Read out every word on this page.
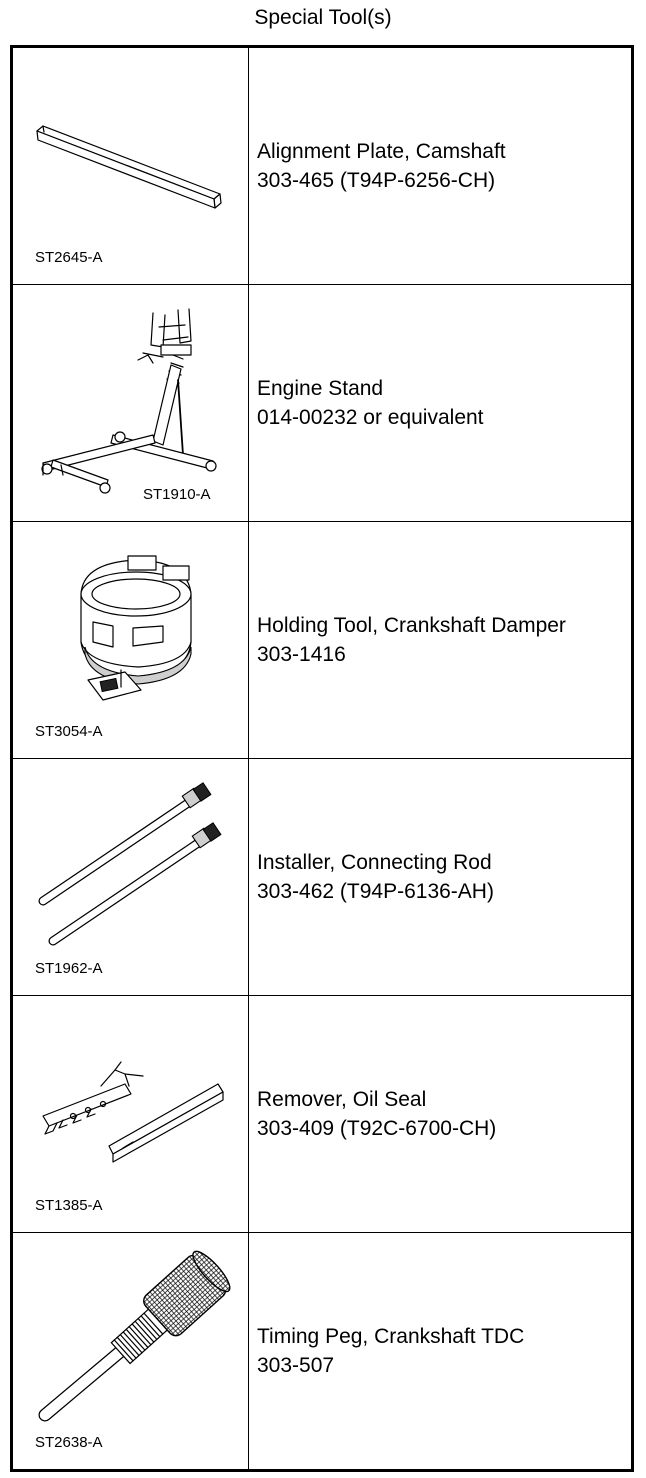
Special Tool(s)
ST2645-A	Alignment Plate, Camshaft
303-465 (T94P-6256-CH)

ST1910-A	Engine Stand
014-00232 or equivalent

ST3054-A	Holding Tool, Crankshaft Damper
303-1416

ST1962-A	Installer, Connecting Rod
303-462 (T94P-6136-AH)

ST1385-A	Remover, Oil Seal
303-409 (T92C-6700-CH)

ST2638-A	Timing Peg, Crankshaft TDC
303-507
